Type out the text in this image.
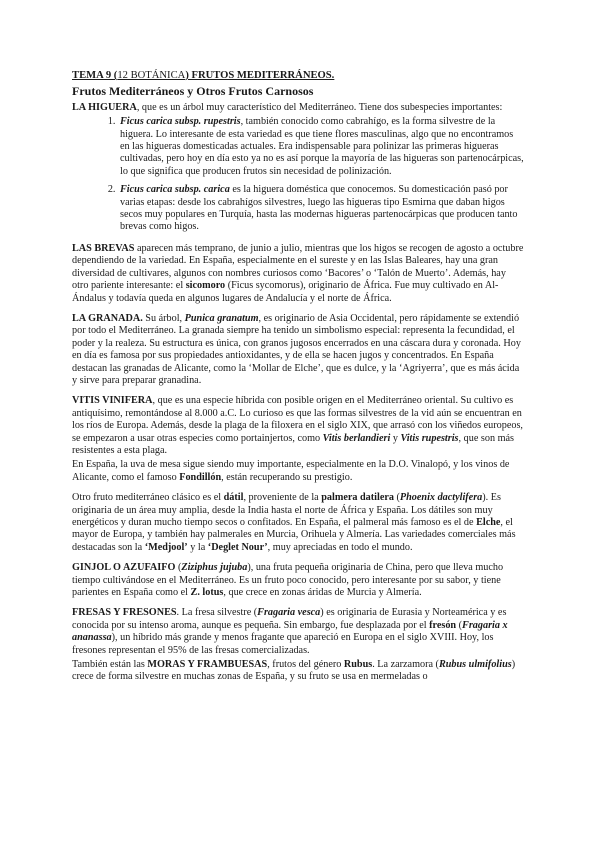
TEMA 9 (12 BOTÁNICA) FRUTOS MEDITERRÁNEOS.
Frutos Mediterráneos y Otros Frutos Carnosos

LA HIGUERA, que es un árbol muy característico del Mediterráneo. Tiene dos subespecies importantes:

1. Ficus carica subsp. rupestris, también conocido como cabrahígo, es la forma silvestre de la higuera. Lo interesante de esta variedad es que tiene flores masculinas, algo que no encontramos en las higueras domesticadas actuales. Era indispensable para polinizar las primeras higueras cultivadas, pero hoy en día esto ya no es así porque la mayoría de las higueras son partenocárpicas, lo que significa que producen frutos sin necesidad de polinización.
2. Ficus carica subsp. carica es la higuera doméstica que conocemos. Su domesticación pasó por varias etapas: desde los cabrahígos silvestres, luego las higueras tipo Esmirna que daban higos secos muy populares en Turquía, hasta las modernas higueras partenocárpicas que producen tanto brevas como higos.

LAS BREVAS aparecen más temprano, de junio a julio, mientras que los higos se recogen de agosto a octubre dependiendo de la variedad. En España, especialmente en el sureste y en las Islas Baleares, hay una gran diversidad de cultivares, algunos con nombres curiosos como ‘Bacores’ o ‘Talón de Muerto’. Además, hay otro pariente interesante: el sicomoro (Ficus sycomorus), originario de África. Fue muy cultivado en Al-Ándalus y todavía queda en algunos lugares de Andalucía y el norte de África.

LA GRANADA. Su árbol, Punica granatum, es originario de Asia Occidental, pero rápidamente se extendió por todo el Mediterráneo. La granada siempre ha tenido un simbolismo especial: representa la fecundidad, el poder y la realeza. Su estructura es única, con granos jugosos encerrados en una cáscara dura y coronada. Hoy en día es famosa por sus propiedades antioxidantes, y de ella se hacen jugos y concentrados. En España destacan las granadas de Alicante, como la ‘Mollar de Elche’, que es dulce, y la ‘Agriyerra’, que es más ácida y sirve para preparar granadina.

VITIS VINIFERA, que es una especie híbrida con posible origen en el Mediterráneo oriental. Su cultivo es antiquísimo, remontándose al 8.000 a.C. Lo curioso es que las formas silvestres de la vid aún se encuentran en los ríos de Europa. Además, desde la plaga de la filoxera en el siglo XIX, que arrasó con los viñedos europeos, se empezaron a usar otras especies como portainjertos, como Vitis berlandieri y Vitis rupestris, que son más resistentes a esta plaga.

En España, la uva de mesa sigue siendo muy importante, especialmente en la D.O. Vinalopó, y los vinos de Alicante, como el famoso Fondillón, están recuperando su prestigio.

Otro fruto mediterráneo clásico es el dátil, proveniente de la palmera datilera (Phoenix dactylifera). Es originaria de un área muy amplia, desde la India hasta el norte de África y España. Los dátiles son muy energéticos y duran mucho tiempo secos o confitados. En España, el palmeral más famoso es el de Elche, el mayor de Europa, y también hay palmerales en Murcia, Orihuela y Almería. Las variedades comerciales más destacadas son la ‘Medjool’ y la ‘Deglet Nour’, muy apreciadas en todo el mundo.

GINJOL O AZUFAIFO (Ziziphus jujuba), una fruta pequeña originaria de China, pero que lleva mucho tiempo cultivándose en el Mediterráneo. Es un fruto poco conocido, pero interesante por su sabor, y tiene parientes en España como el Z. lotus, que crece en zonas áridas de Murcia y Almería.

FRESAS Y FRESONES. La fresa silvestre (Fragaria vesca) es originaria de Eurasia y Norteamérica y es conocida por su intenso aroma, aunque es pequeña. Sin embargo, fue desplazada por el fresón (Fragaria x ananassa), un híbrido más grande y menos fragante que apareció en Europa en el siglo XVIII. Hoy, los fresones representan el 95% de las fresas comercializadas.

También están las MORAS Y FRAMBUESAS, frutos del género Rubus. La zarzamora (Rubus ulmifolius) crece de forma silvestre en muchas zonas de España, y su fruto se usa en mermeladas o
